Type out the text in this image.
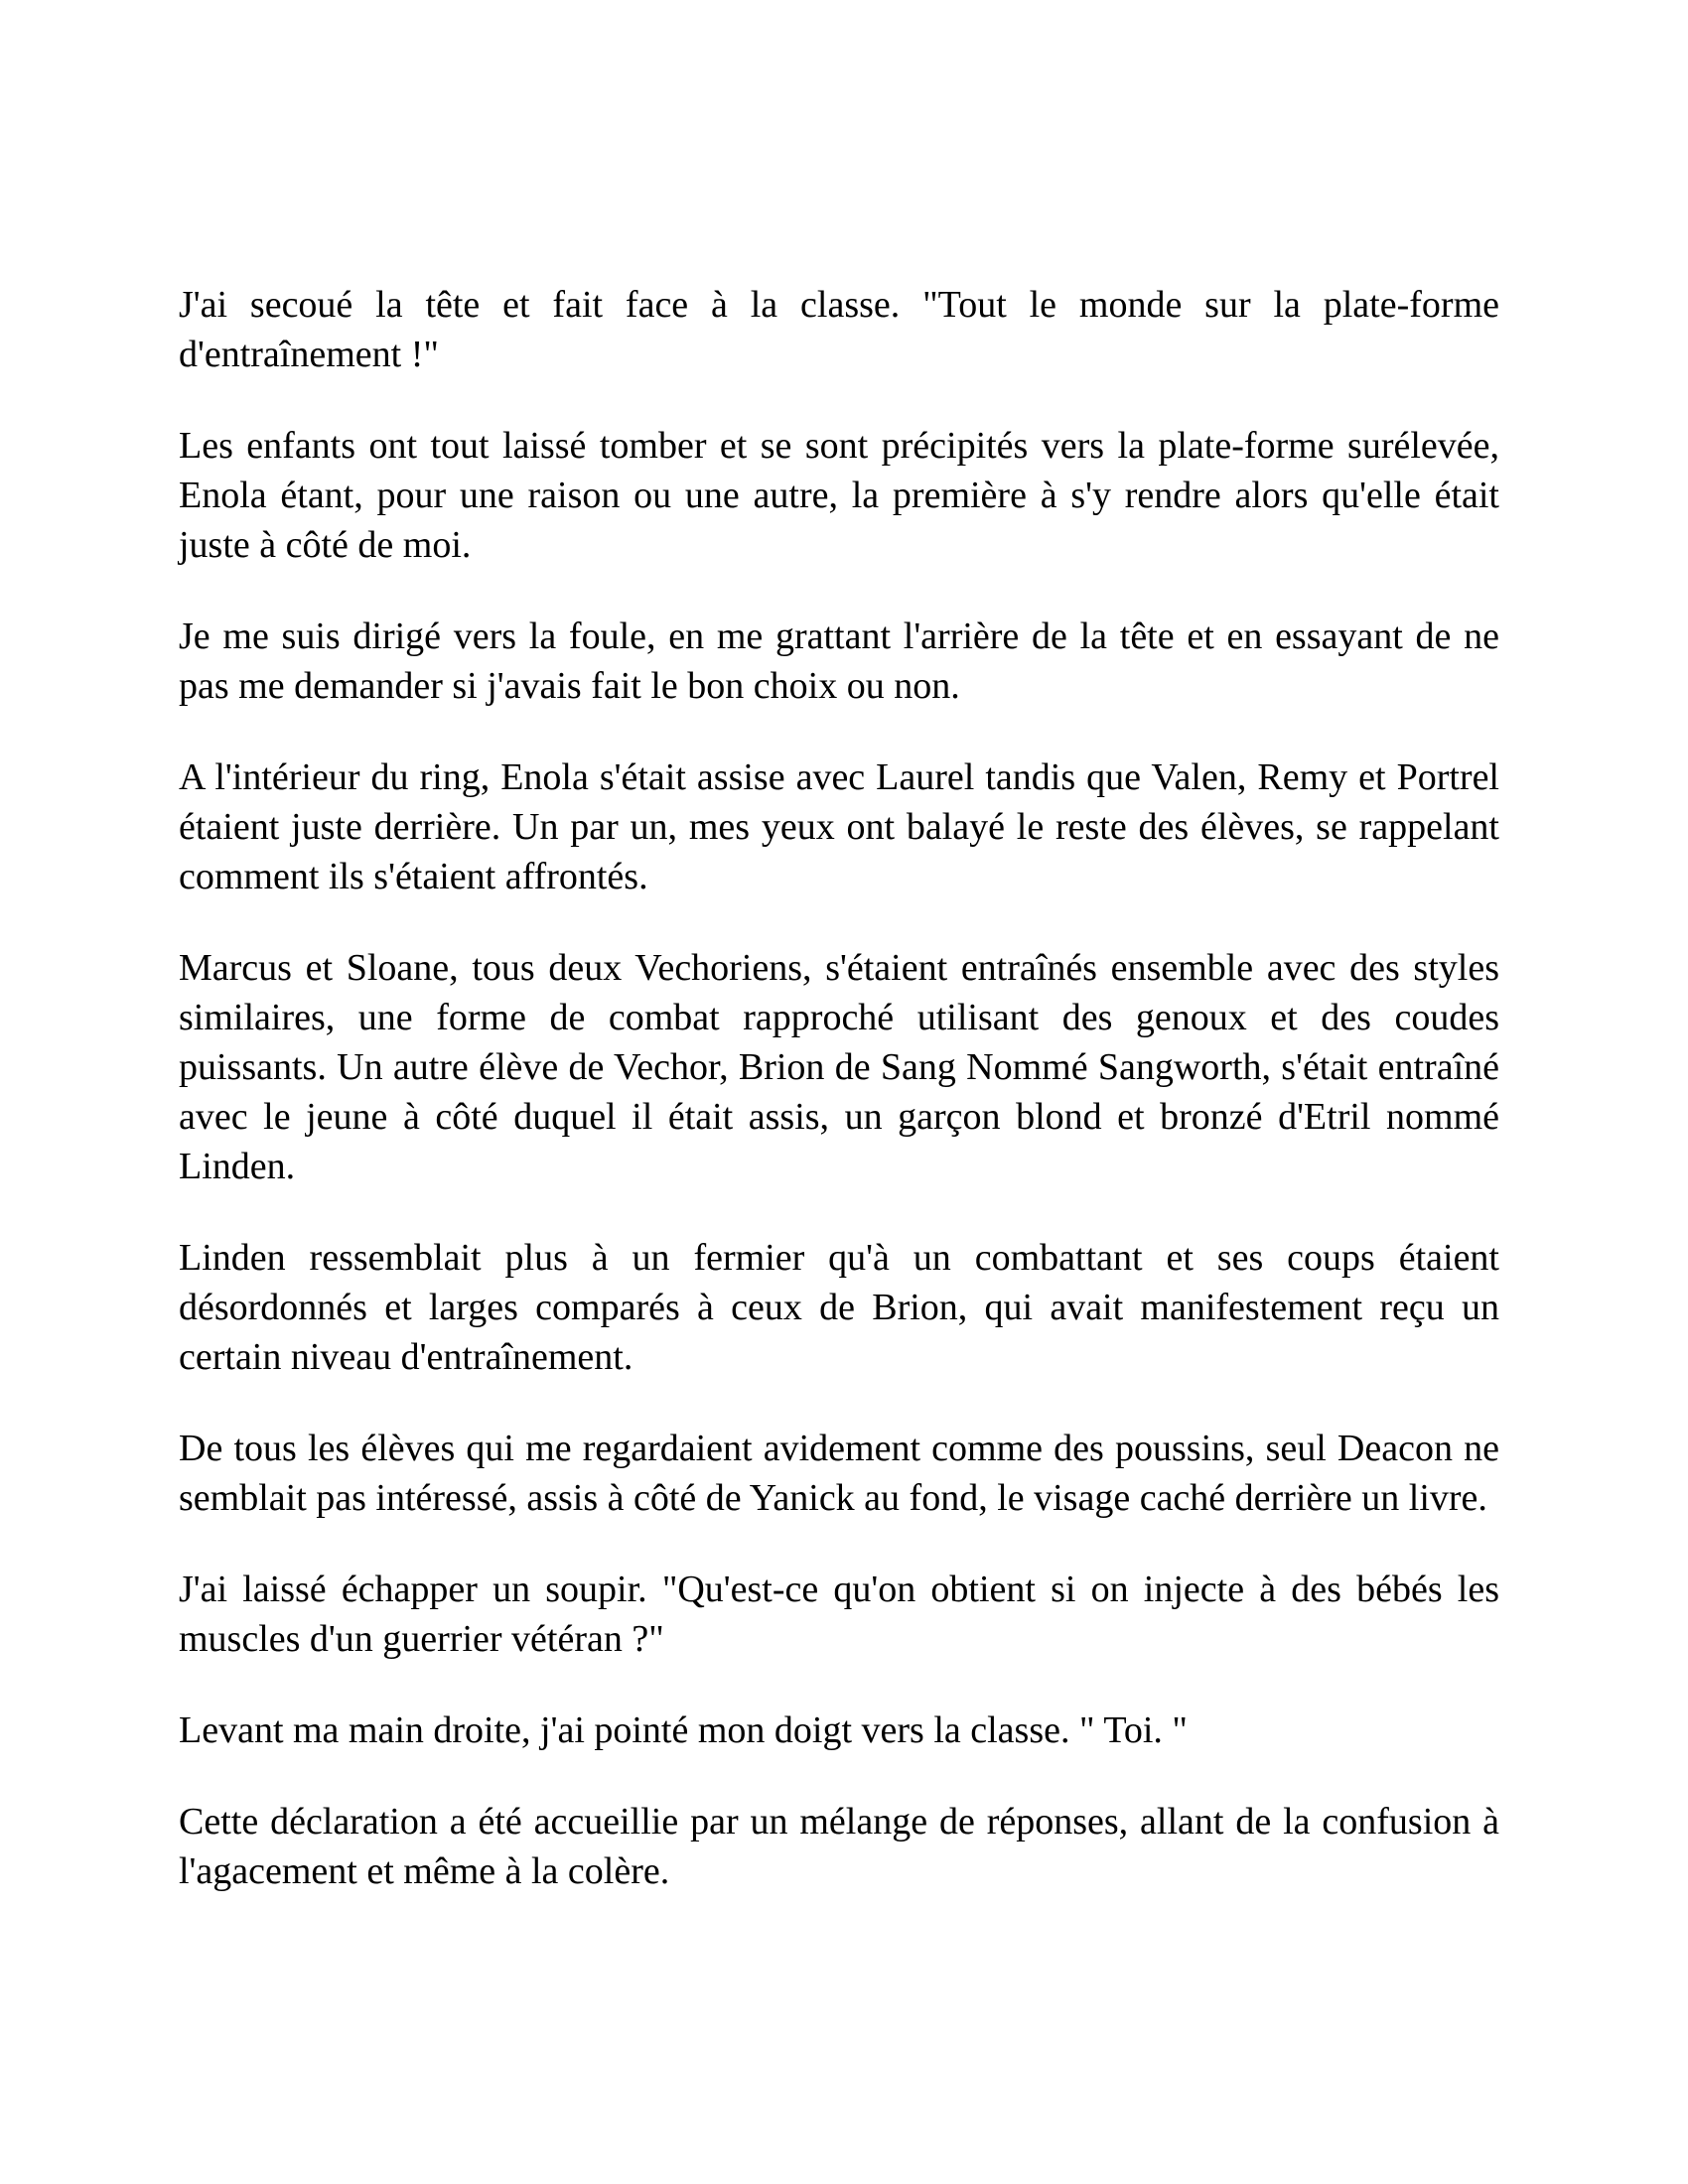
J'ai secoué la tête et fait face à la classe. "Tout le monde sur la plate-forme d'entraînement !"

Les enfants ont tout laissé tomber et se sont précipités vers la plate-forme surélevée, Enola étant, pour une raison ou une autre, la première à s'y rendre alors qu'elle était juste à côté de moi.

Je me suis dirigé vers la foule, en me grattant l'arrière de la tête et en essayant de ne pas me demander si j'avais fait le bon choix ou non.

A l'intérieur du ring, Enola s'était assise avec Laurel tandis que Valen, Remy et Portrel étaient juste derrière. Un par un, mes yeux ont balayé le reste des élèves, se rappelant comment ils s'étaient affrontés.

Marcus et Sloane, tous deux Vechoriens, s'étaient entraînés ensemble avec des styles similaires, une forme de combat rapproché utilisant des genoux et des coudes puissants. Un autre élève de Vechor, Brion de Sang Nommé Sangworth, s'était entraîné avec le jeune à côté duquel il était assis, un garçon blond et bronzé d'Etril nommé Linden.

Linden ressemblait plus à un fermier qu'à un combattant et ses coups étaient désordonnés et larges comparés à ceux de Brion, qui avait manifestement reçu un certain niveau d'entraînement.

De tous les élèves qui me regardaient avidement comme des poussins, seul Deacon ne semblait pas intéressé, assis à côté de Yanick au fond, le visage caché derrière un livre.

J'ai laissé échapper un soupir. "Qu'est-ce qu'on obtient si on injecte à des bébés les muscles d'un guerrier vétéran ?"

Levant ma main droite, j'ai pointé mon doigt vers la classe. " Toi. "

Cette déclaration a été accueillie par un mélange de réponses, allant de la confusion à l'agacement et même à la colère.
